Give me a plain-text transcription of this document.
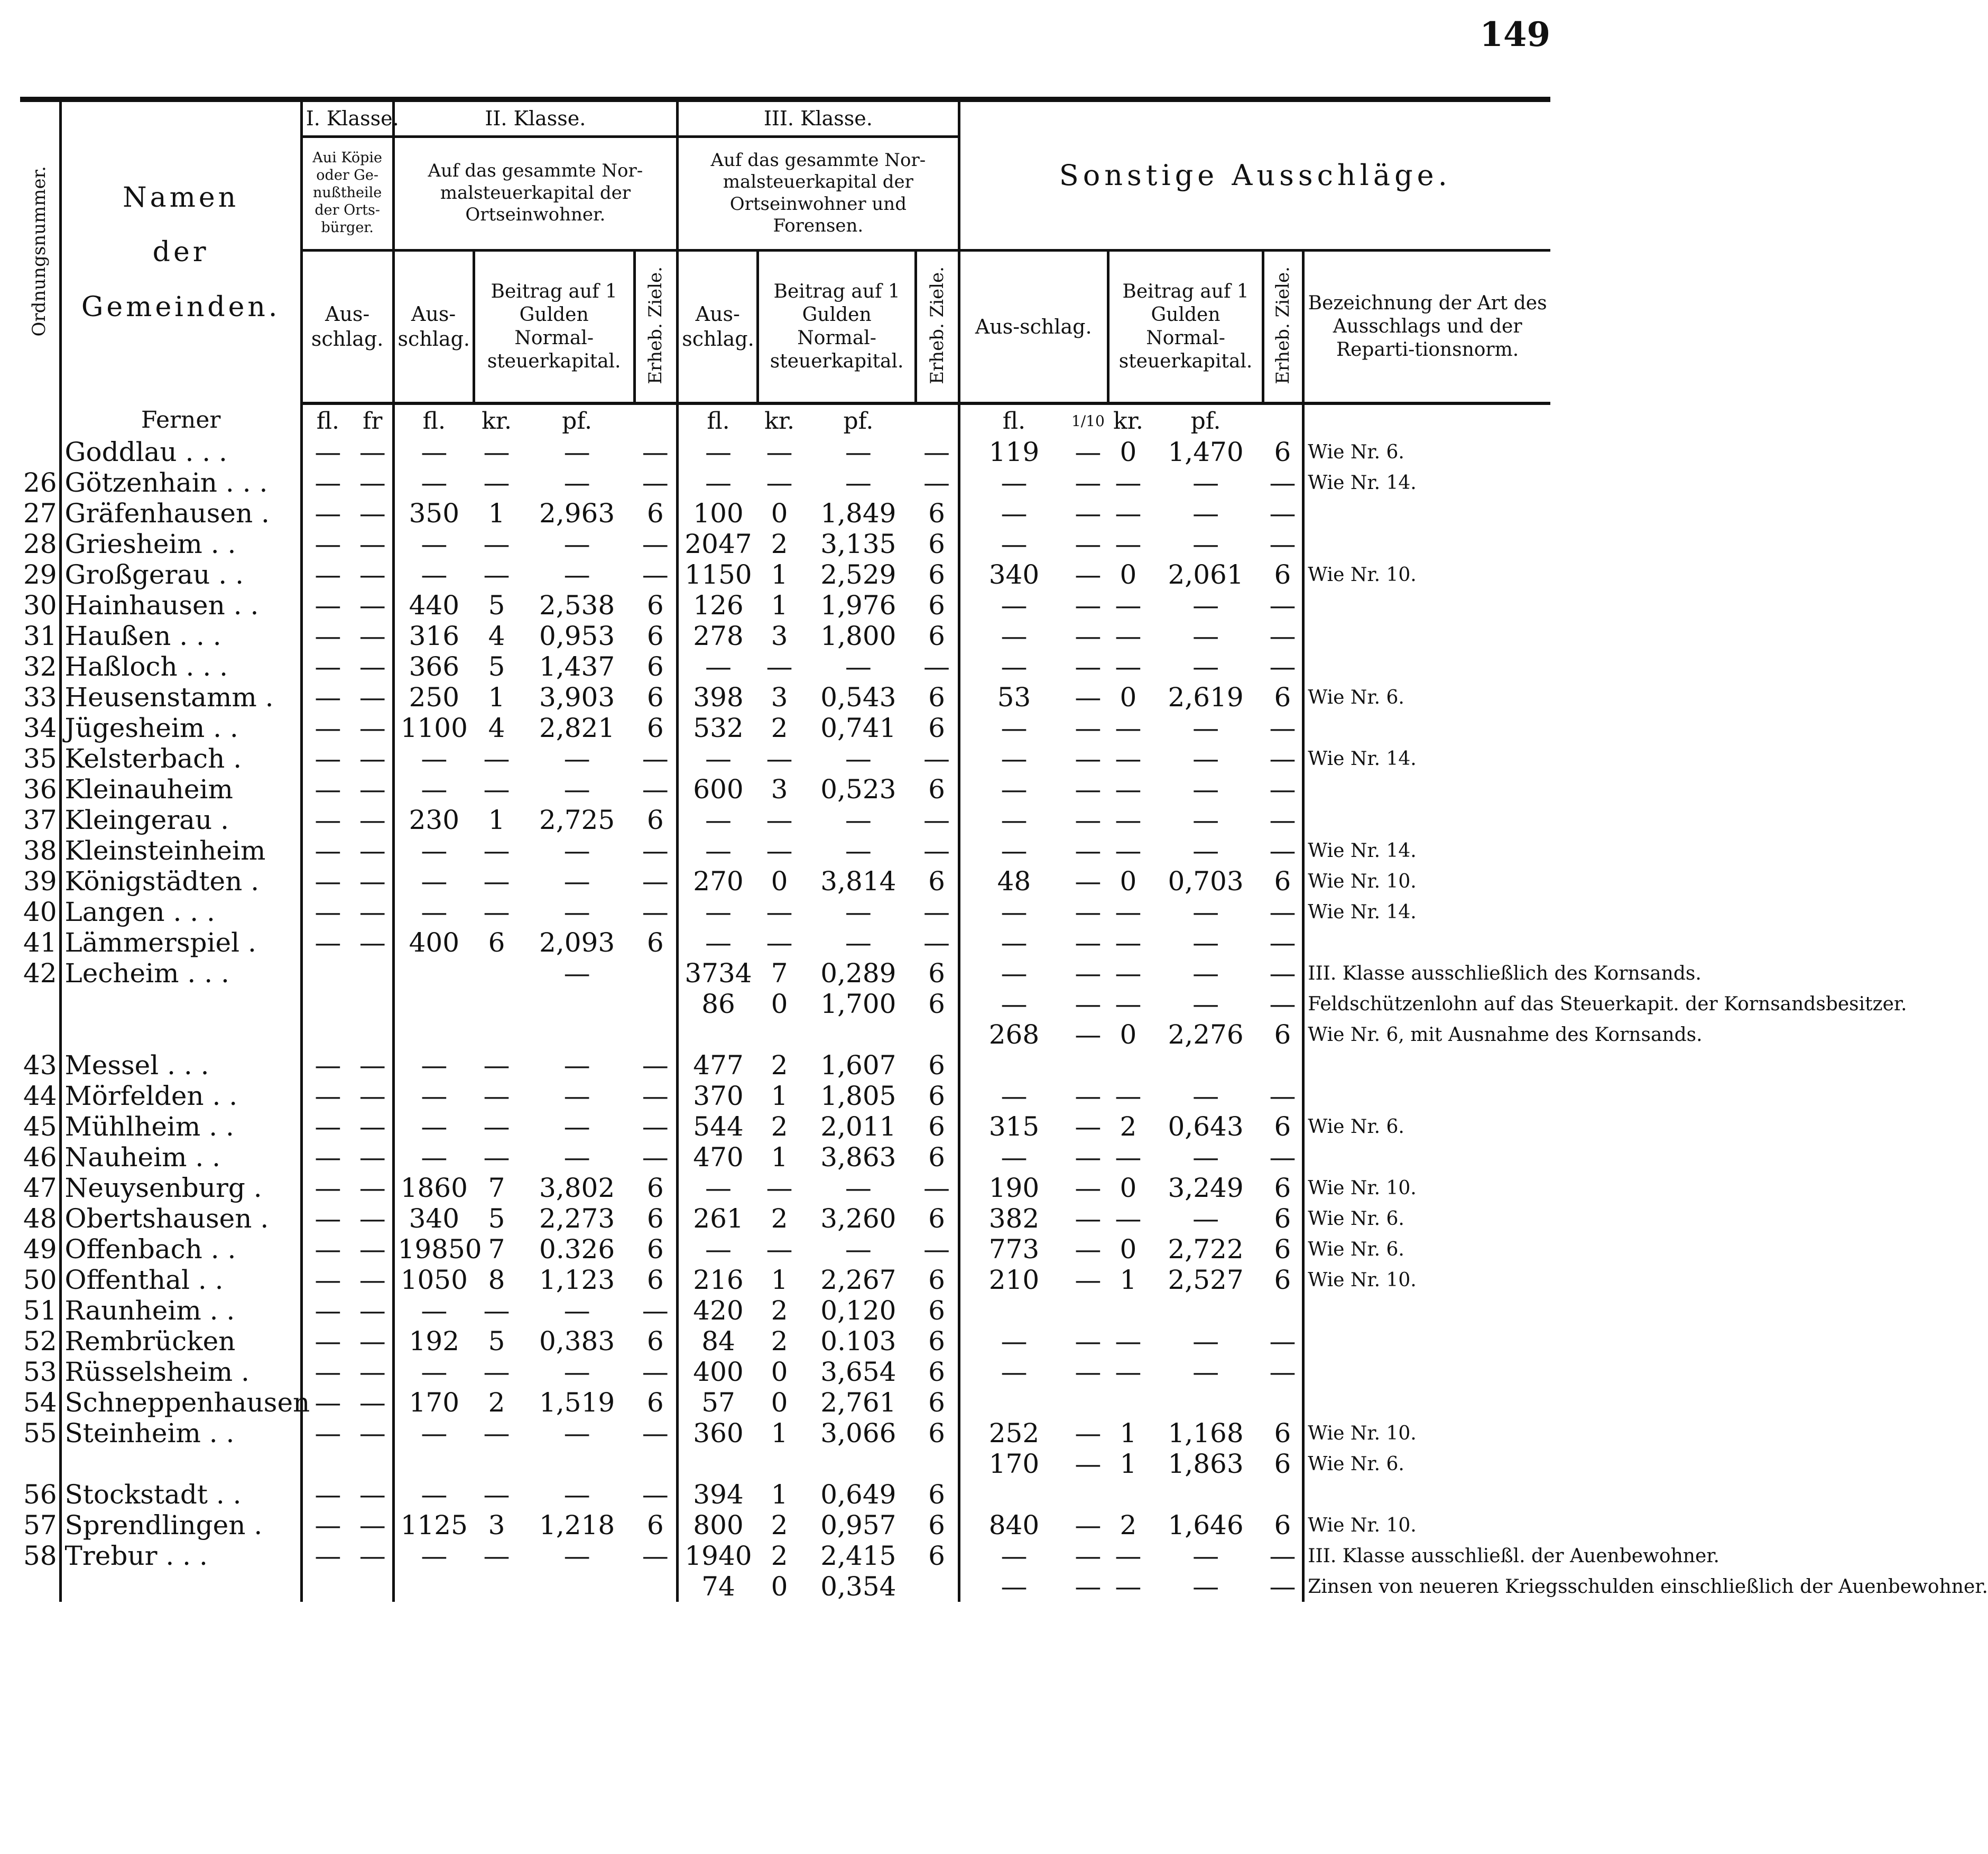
149
Ordnungsnummer.	Namen
der
Gemeinden.	I. Klasse.		II. Klasse.				III. Klasse.				Sonstige Ausschläge.					
		Aui Köpie oder Ge-nußtheile der Orts-bürger.		Auf das gesammte Nor-malsteuerkapital der Ortseinwohner.				Auf das gesammte Nor-malsteuerkapital der Ortseinwohner und Forensen.									
		Aus-schlag.		Aus-schlag.	Beitrag auf 1 Gulden Normal-steuerkapital.		Erheb. Ziele.	Aus-schlag.	Beitrag auf 1 Gulden Normal-steuerkapital.		Erheb. Ziele.	Aus-schlag.		Beitrag auf 1 Gulden Normal-steuerkapital.		Erheb. Ziele.	Bezeichnung der Art des Ausschlags und der Reparti-tionsnorm.
	Ferner	fl.	fr	fl.	kr.	pf.		fl.	kr.	pf.		fl.	1/10	kr.	pf.		
	Goddlau . . .	—	—	—	—	—	—	—	—	—	—	119	—	0	1,470	6	Wie Nr. 6.
26	Götzenhain . . .	—	—	—	—	—	—	—	—	—	—	—	—	—	—	—	Wie Nr. 14.
27	Gräfenhausen .	—	—	350	1	2,963	6	100	0	1,849	6	—	—	—	—	—	
28	Griesheim . .	—	—	—	—	—	—	2047	2	3,135	6	—	—	—	—	—	
29	Großgerau . .	—	—	—	—	—	—	1150	1	2,529	6	340	—	0	2,061	6	Wie Nr. 10.
30	Hainhausen . .	—	—	440	5	2,538	6	126	1	1,976	6	—	—	—	—	—	
31	Haußen . . .	—	—	316	4	0,953	6	278	3	1,800	6	—	—	—	—	—	
32	Haßloch . . .	—	—	366	5	1,437	6	—	—	—	—	—	—	—	—	—	
33	Heusenstamm .	—	—	250	1	3,903	6	398	3	0,543	6	53	—	0	2,619	6	Wie Nr. 6.
34	Jügesheim . .	—	—	1100	4	2,821	6	532	2	0,741	6	—	—	—	—	—	
35	Kelsterbach .	—	—	—	—	—	—	—	—	—	—	—	—	—	—	—	Wie Nr. 14.
36	Kleinauheim	—	—	—	—	—	—	600	3	0,523	6	—	—	—	—	—	
37	Kleingerau .	—	—	230	1	2,725	6	—	—	—	—	—	—	—	—	—	
38	Kleinsteinheim	—	—	—	—	—	—	—	—	—	—	—	—	—	—	—	Wie Nr. 14.
39	Königstädten .	—	—	—	—	—	—	270	0	3,814	6	48	—	0	0,703	6	Wie Nr. 10.
40	Langen . . .	—	—	—	—	—	—	—	—	—	—	—	—	—	—	—	Wie Nr. 14.
41	Lämmerspiel .	—	—	400	6	2,093	6	—	—	—	—	—	—	—	—	—	
42	Lecheim . . .					—		3734	7	0,289	6	—	—	—	—	—	III. Klasse ausschließlich des Kornsands.
								86	0	1,700	6	—	—	—	—	—	Feldschützenlohn auf das Steuerkapit. der Kornsandsbesitzer.
												268	—	0	2,276	6	Wie Nr. 6, mit Ausnahme des Kornsands.
43	Messel . . .	—	—	—	—	—	—	477	2	1,607	6						
44	Mörfelden . .	—	—	—	—	—	—	370	1	1,805	6	—	—	—	—	—	
45	Mühlheim . .	—	—	—	—	—	—	544	2	2,011	6	315	—	2	0,643	6	Wie Nr. 6.
46	Nauheim . .	—	—	—	—	—	—	470	1	3,863	6	—	—	—	—	—	
47	Neuysenburg .	—	—	1860	7	3,802	6	—	—	—	—	190	—	0	3,249	6	Wie Nr. 10.
48	Obertshausen .	—	—	340	5	2,273	6	261	2	3,260	6	382	—	—	—	6	Wie Nr. 6.
49	Offenbach . .	—	—	19850	7	0.326	6	—	—	—	—	773	—	0	2,722	6	Wie Nr. 6.
50	Offenthal . .	—	—	1050	8	1,123	6	216	1	2,267	6	210	—	1	2,527	6	Wie Nr. 10.
51	Raunheim . .	—	—	—	—	—	—	420	2	0,120	6						
52	Rembrücken	—	—	192	5	0,383	6	84	2	0.103	6	—	—	—	—	—	
53	Rüsselsheim .	—	—	—	—	—	—	400	0	3,654	6	—	—	—	—	—	
54	Schneppenhausen	—	—	170	2	1,519	6	57	0	2,761	6						
55	Steinheim . .	—	—	—	—	—	—	360	1	3,066	6	252	—	1	1,168	6	Wie Nr. 10.
												170	—	1	1,863	6	Wie Nr. 6.
56	Stockstadt . .	—	—	—	—	—	—	394	1	0,649	6						
57	Sprendlingen .	—	—	1125	3	1,218	6	800	2	0,957	6	840	—	2	1,646	6	Wie Nr. 10.
58	Trebur . . .	—	—	—	—	—	—	1940	2	2,415	6	—	—	—	—	—	III. Klasse ausschließl. der Auenbewohner.
								74	0	0,354		—	—	—	—	—	Zinsen von neueren Kriegsschulden einschließlich der Auenbewohner.
